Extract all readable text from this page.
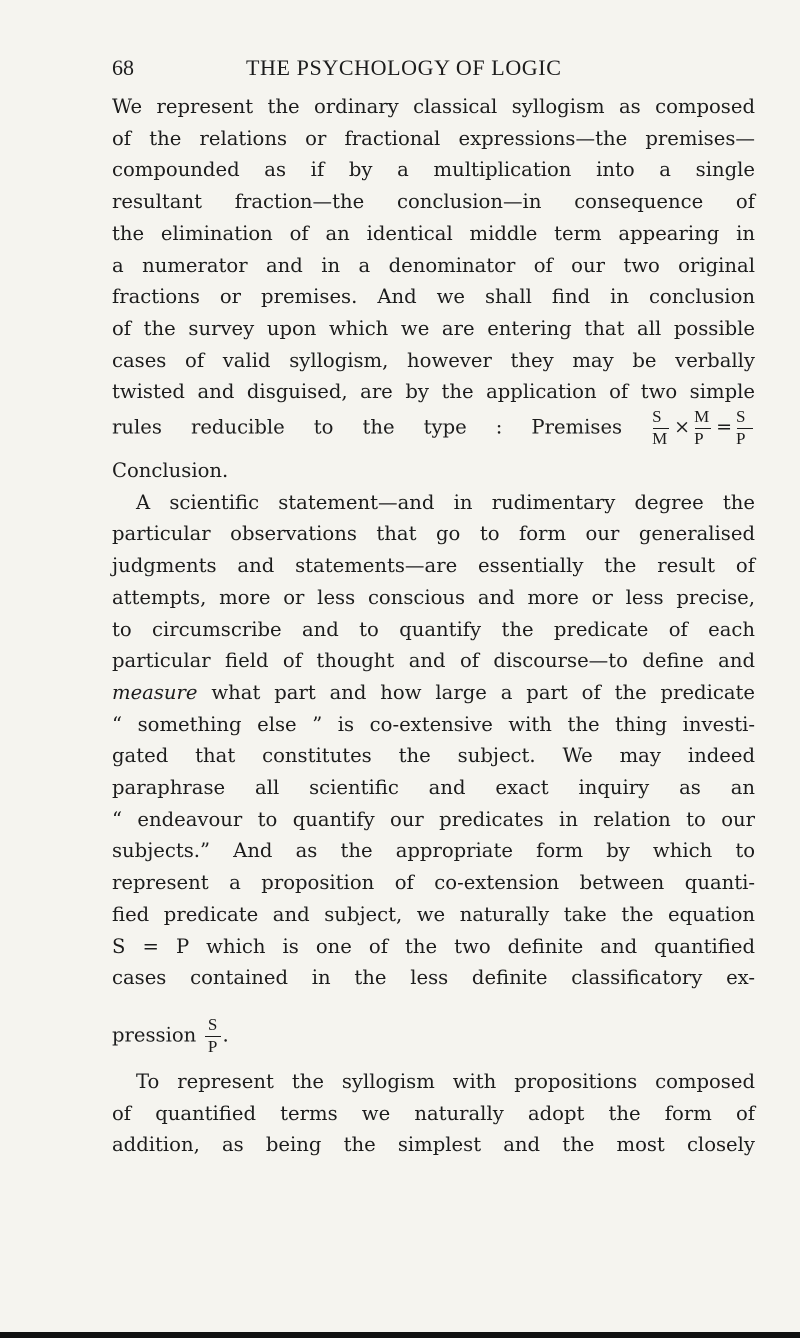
68	THE PSYCHOLOGY OF LOGIC
We represent the ordinary classical syllogism as composed
of the relations or fractional expressions—the premises—
compounded as if by a multiplication into a single
resultant fraction—the conclusion—in consequence of
the elimination of an identical middle term appearing in
a numerator and in a denominator of our two original
fractions or premises. And we shall find in conclusion
of the survey upon which we are entering that all possible
cases of valid syllogism, however they may be verbally
twisted and disguised, are by the application of two simple
rules reducible to the type : Premises $\frac{S}{M} \times \frac{M}{P} = \frac{S}{P}$
Conclusion.
A scientific statement—and in rudimentary degree the
particular observations that go to form our generalised
judgments and statements—are essentially the result of
attempts, more or less conscious and more or less precise,
to circumscribe and to quantify the predicate of each
particular field of thought and of discourse—to define and
measure what part and how large a part of the predicate
“ something else ” is co-extensive with the thing investi-
gated that constitutes the subject. We may indeed
paraphrase all scientific and exact inquiry as an
“ endeavour to quantify our predicates in relation to our
subjects.” And as the appropriate form by which to
represent a proposition of co-extension between quanti-
fied predicate and subject, we naturally take the equation
S = P which is one of the two definite and quantified
cases contained in the less definite classificatory ex-
pression $\frac{S}{P}$ .
To represent the syllogism with propositions composed
of quantified terms we naturally adopt the form of
addition, as being the simplest and the most closely
